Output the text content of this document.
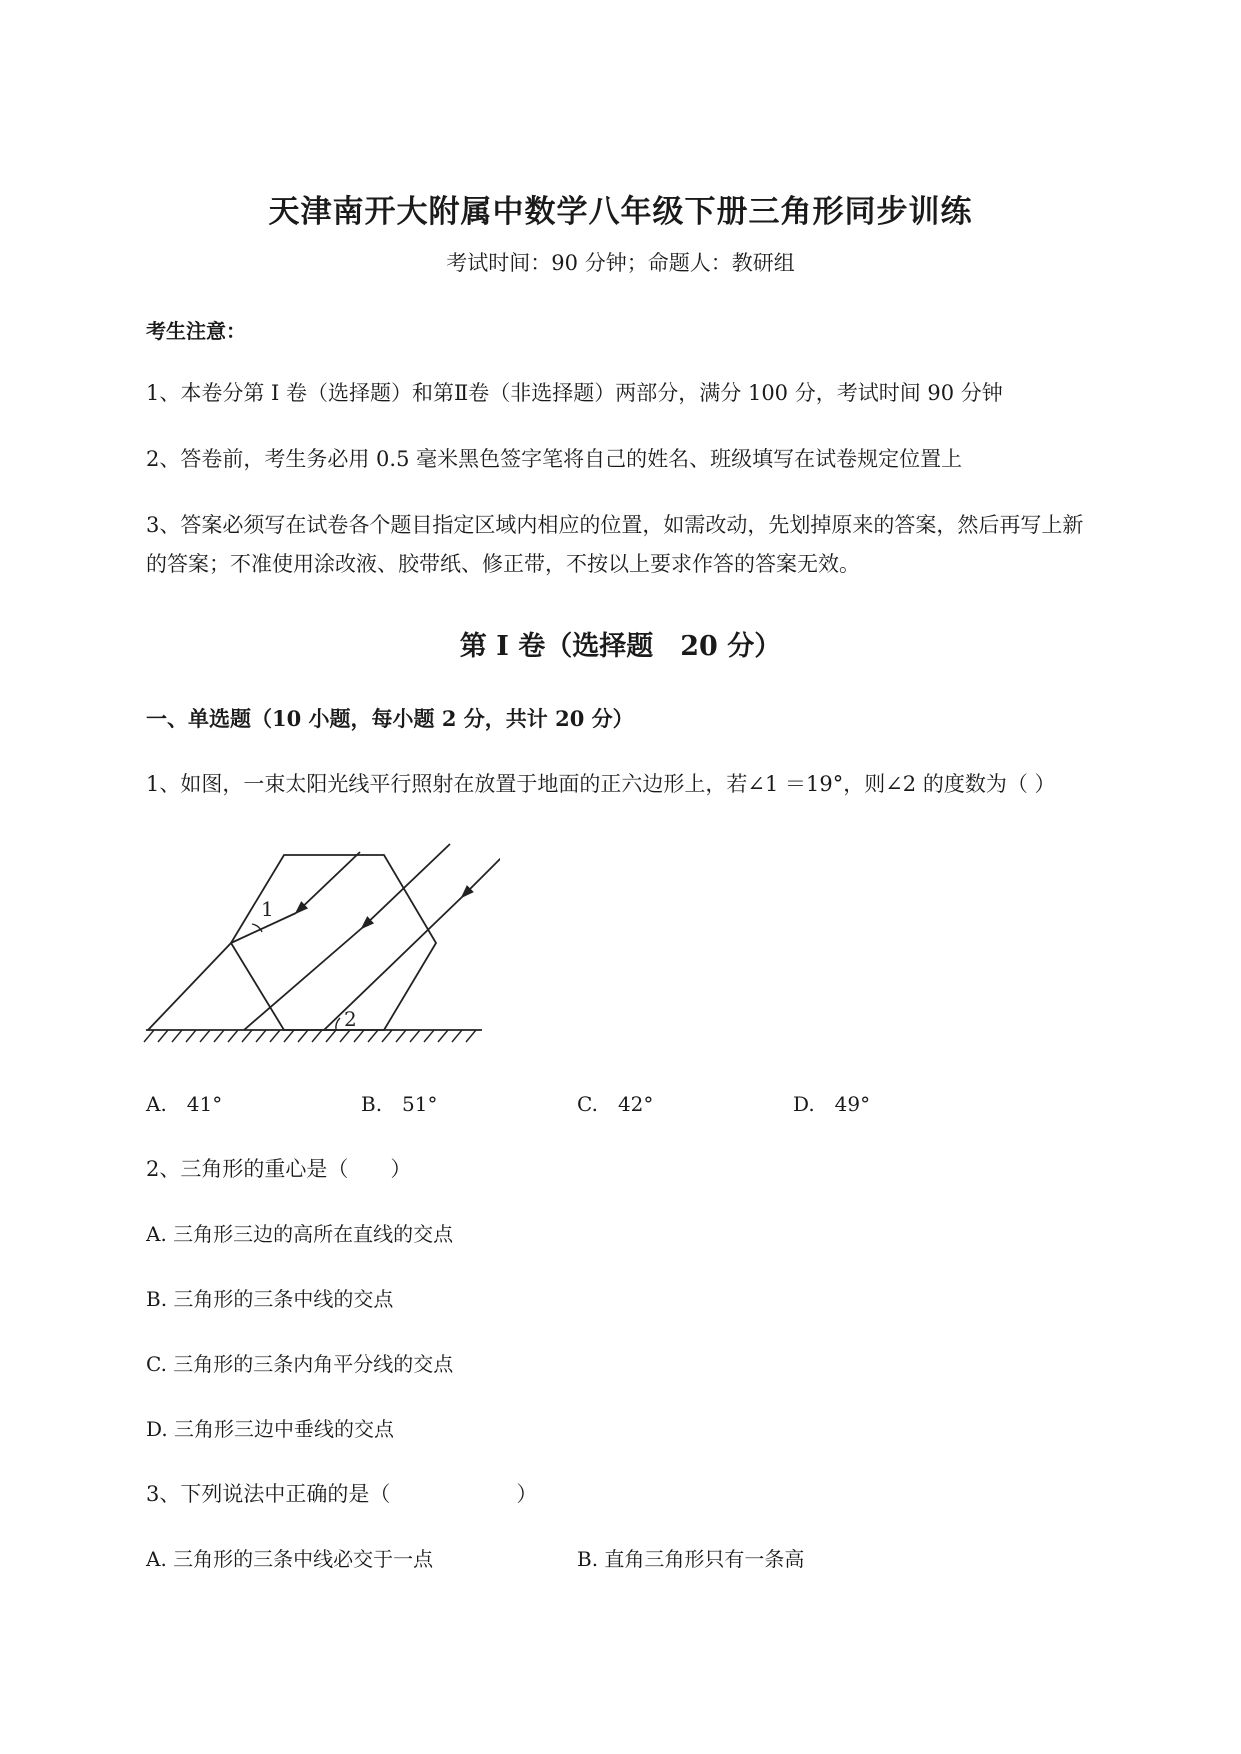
天津南开大附属中数学八年级下册三角形同步训练
考试时间：90 分钟；命题人：教研组
考生注意：
1、本卷分第 I 卷（选择题）和第Ⅱ卷（非选择题）两部分，满分 100 分，考试时间 90 分钟
2、答卷前，考生务必用 0.5 毫米黑色签字笔将自己的姓名、班级填写在试卷规定位置上
3、答案必须写在试卷各个题目指定区域内相应的位置，如需改动，先划掉原来的答案，然后再写上新
的答案；不准使用涂改液、胶带纸、修正带，不按以上要求作答的答案无效。
第 I 卷（选择题　20 分）
一、单选题（10 小题，每小题 2 分，共计 20 分）
1、如图，一束太阳光线平行照射在放置于地面的正六边形上，若∠1 ＝19°，则∠2 的度数为（ ）
1
2
A.　41°	B.　51°	C.　42°	D.　49°
2、三角形的重心是（　　）
A. 三角形三边的高所在直线的交点
B. 三角形的三条中线的交点
C. 三角形的三条内角平分线的交点
D. 三角形三边中垂线的交点
3、下列说法中正确的是（　　　　　　）
A. 三角形的三条中线必交于一点	B. 直角三角形只有一条高
